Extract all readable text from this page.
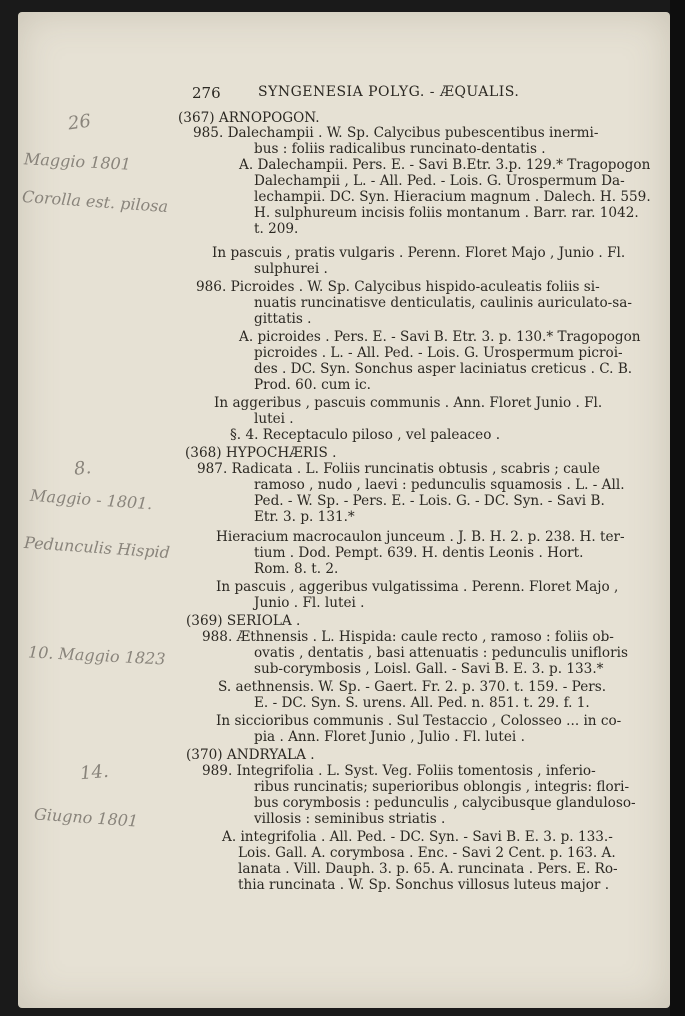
276	SYNGENESIA POLYG. - ÆQUALIS.
26
Maggio 1801
Corolla est. pilosa
8.
Maggio - 1801.
Pedunculis Hispid
10. Maggio 1823
14.
Giugno 1801
(367) ARNOPOGON.
985. Dalechampii . W. Sp. Calycibus pubescentibus inermi-
bus : foliis radicalibus runcinato-dentatis .
A. Dalechampii. Pers. E. - Savi B.Etr. 3.p. 129.* Tragopogon
Dalechampii , L. - All. Ped. - Lois. G. Urospermum Da-
lechampii. DC. Syn. Hieracium magnum . Dalech. H. 559.
H. sulphureum incisis foliis montanum . Barr. rar. 1042.
t. 209.
In pascuis , pratis vulgaris . Perenn. Floret Majo , Junio . Fl.
sulphurei .
986. Picroides . W. Sp. Calycibus hispido-aculeatis foliis si-
nuatis runcinatisve denticulatis, caulinis auriculato-sa-
gittatis .
A. picroides . Pers. E. - Savi B. Etr. 3. p. 130.* Tragopogon
picroides . L. - All. Ped. - Lois. G. Urospermum picroi-
des . DC. Syn. Sonchus asper laciniatus creticus . C. B.
Prod. 60. cum ic.
In aggeribus , pascuis communis . Ann. Floret Junio . Fl.
lutei .
§. 4. Receptaculo piloso , vel paleaceo .
(368) HYPOCHÆRIS .
987. Radicata . L. Foliis runcinatis obtusis , scabris ; caule
ramoso , nudo , laevi : pedunculis squamosis . L. - All.
Ped. - W. Sp. - Pers. E. - Lois. G. - DC. Syn. - Savi B.
Etr. 3. p. 131.*
Hieracium macrocaulon junceum . J. B. H. 2. p. 238. H. ter-
tium . Dod. Pempt. 639. H. dentis Leonis . Hort.
Rom. 8. t. 2.
In pascuis , aggeribus vulgatissima . Perenn. Floret Majo ,
Junio . Fl. lutei .
(369) SERIOLA .
988. Æthnensis . L. Hispida: caule recto , ramoso : foliis ob-
ovatis , dentatis , basi attenuatis : pedunculis unifloris
sub-corymbosis , Loisl. Gall. - Savi B. E. 3. p. 133.*
S. aethnensis. W. Sp. - Gaert. Fr. 2. p. 370. t. 159. - Pers.
E. - DC. Syn. S. urens. All. Ped. n. 851. t. 29. f. 1.
In siccioribus communis . Sul Testaccio , Colosseo ... in co-
pia . Ann. Floret Junio , Julio . Fl. lutei .
(370) ANDRYALA .
989. Integrifolia . L. Syst. Veg. Foliis tomentosis , inferio-
ribus runcinatis; superioribus oblongis , integris: flori-
bus corymbosis : pedunculis , calycibusque glanduloso-
villosis : seminibus striatis .
A. integrifolia . All. Ped. - DC. Syn. - Savi B. E. 3. p. 133.-
Lois. Gall. A. corymbosa . Enc. - Savi 2 Cent. p. 163. A.
lanata . Vill. Dauph. 3. p. 65. A. runcinata . Pers. E. Ro-
thia runcinata . W. Sp. Sonchus villosus luteus major .
